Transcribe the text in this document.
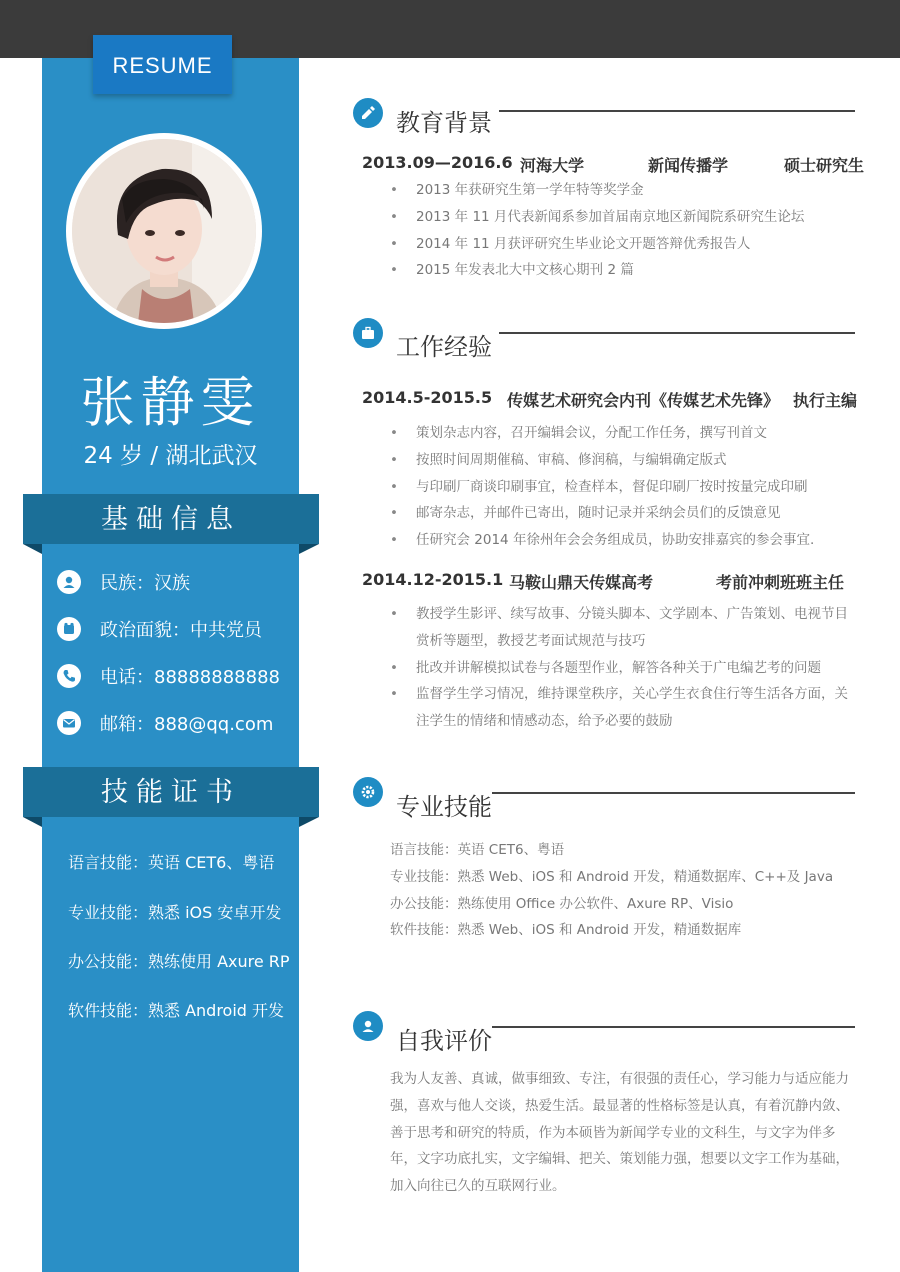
RESUME
张静雯
24 岁 / 湖北武汉
基础信息
民族：汉族
政治面貌：中共党员
电话：88888888888
邮箱：888@qq.com
技能证书
语言技能：英语 CET6、粤语
专业技能：熟悉 iOS 安卓开发
办公技能：熟练使用 Axure RP
软件技能：熟悉 Android 开发
教育背景
2013.09—2016.6 河海大学	新闻传播学	硕士研究生
• 2013 年获研究生第一学年特等奖学金
• 2013 年 11 月代表新闻系参加首届南京地区新闻院系研究生论坛
• 2014 年 11 月获评研究生毕业论文开题答辩优秀报告人
• 2015 年发表北大中文核心期刊 2 篇
工作经验
2014.5-2015.5 传媒艺术研究会内刊《传媒艺术先锋》 执行主编
• 策划杂志内容，召开编辑会议，分配工作任务，撰写刊首文
• 按照时间周期催稿、审稿、修润稿，与编辑确定版式
• 与印刷厂商谈印刷事宜，检查样本，督促印刷厂按时按量完成印刷
• 邮寄杂志，并邮件已寄出，随时记录并采纳会员们的反馈意见
• 任研究会 2014 年徐州年会会务组成员，协助安排嘉宾的参会事宜.
2014.12-2015.1 马鞍山鼎天传媒高考	考前冲刺班班主任
• 教授学生影评、续写故事、分镜头脚本、文学剧本、广告策划、电视节目赏析等题型，教授艺考面试规范与技巧
• 批改并讲解模拟试卷与各题型作业，解答各种关于广电编艺考的问题
• 监督学生学习情况，维持课堂秩序，关心学生衣食住行等生活各方面，关注学生的情绪和情感动态，给予必要的鼓励
专业技能
语言技能：英语 CET6、粤语
专业技能：熟悉 Web、iOS 和 Android 开发，精通数据库、C++及 Java
办公技能：熟练使用 Office 办公软件、Axure RP、Visio
软件技能：熟悉 Web、iOS 和 Android 开发，精通数据库
自我评价
我为人友善、真诚，做事细致、专注，有很强的责任心，学习能力与适应能力
强，喜欢与他人交谈，热爱生活。最显著的性格标签是认真，有着沉静内敛、
善于思考和研究的特质，作为本硕皆为新闻学专业的文科生，与文字为伴多
年，文字功底扎实，文字编辑、把关、策划能力强，想要以文字工作为基础，
加入向往已久的互联网行业。
